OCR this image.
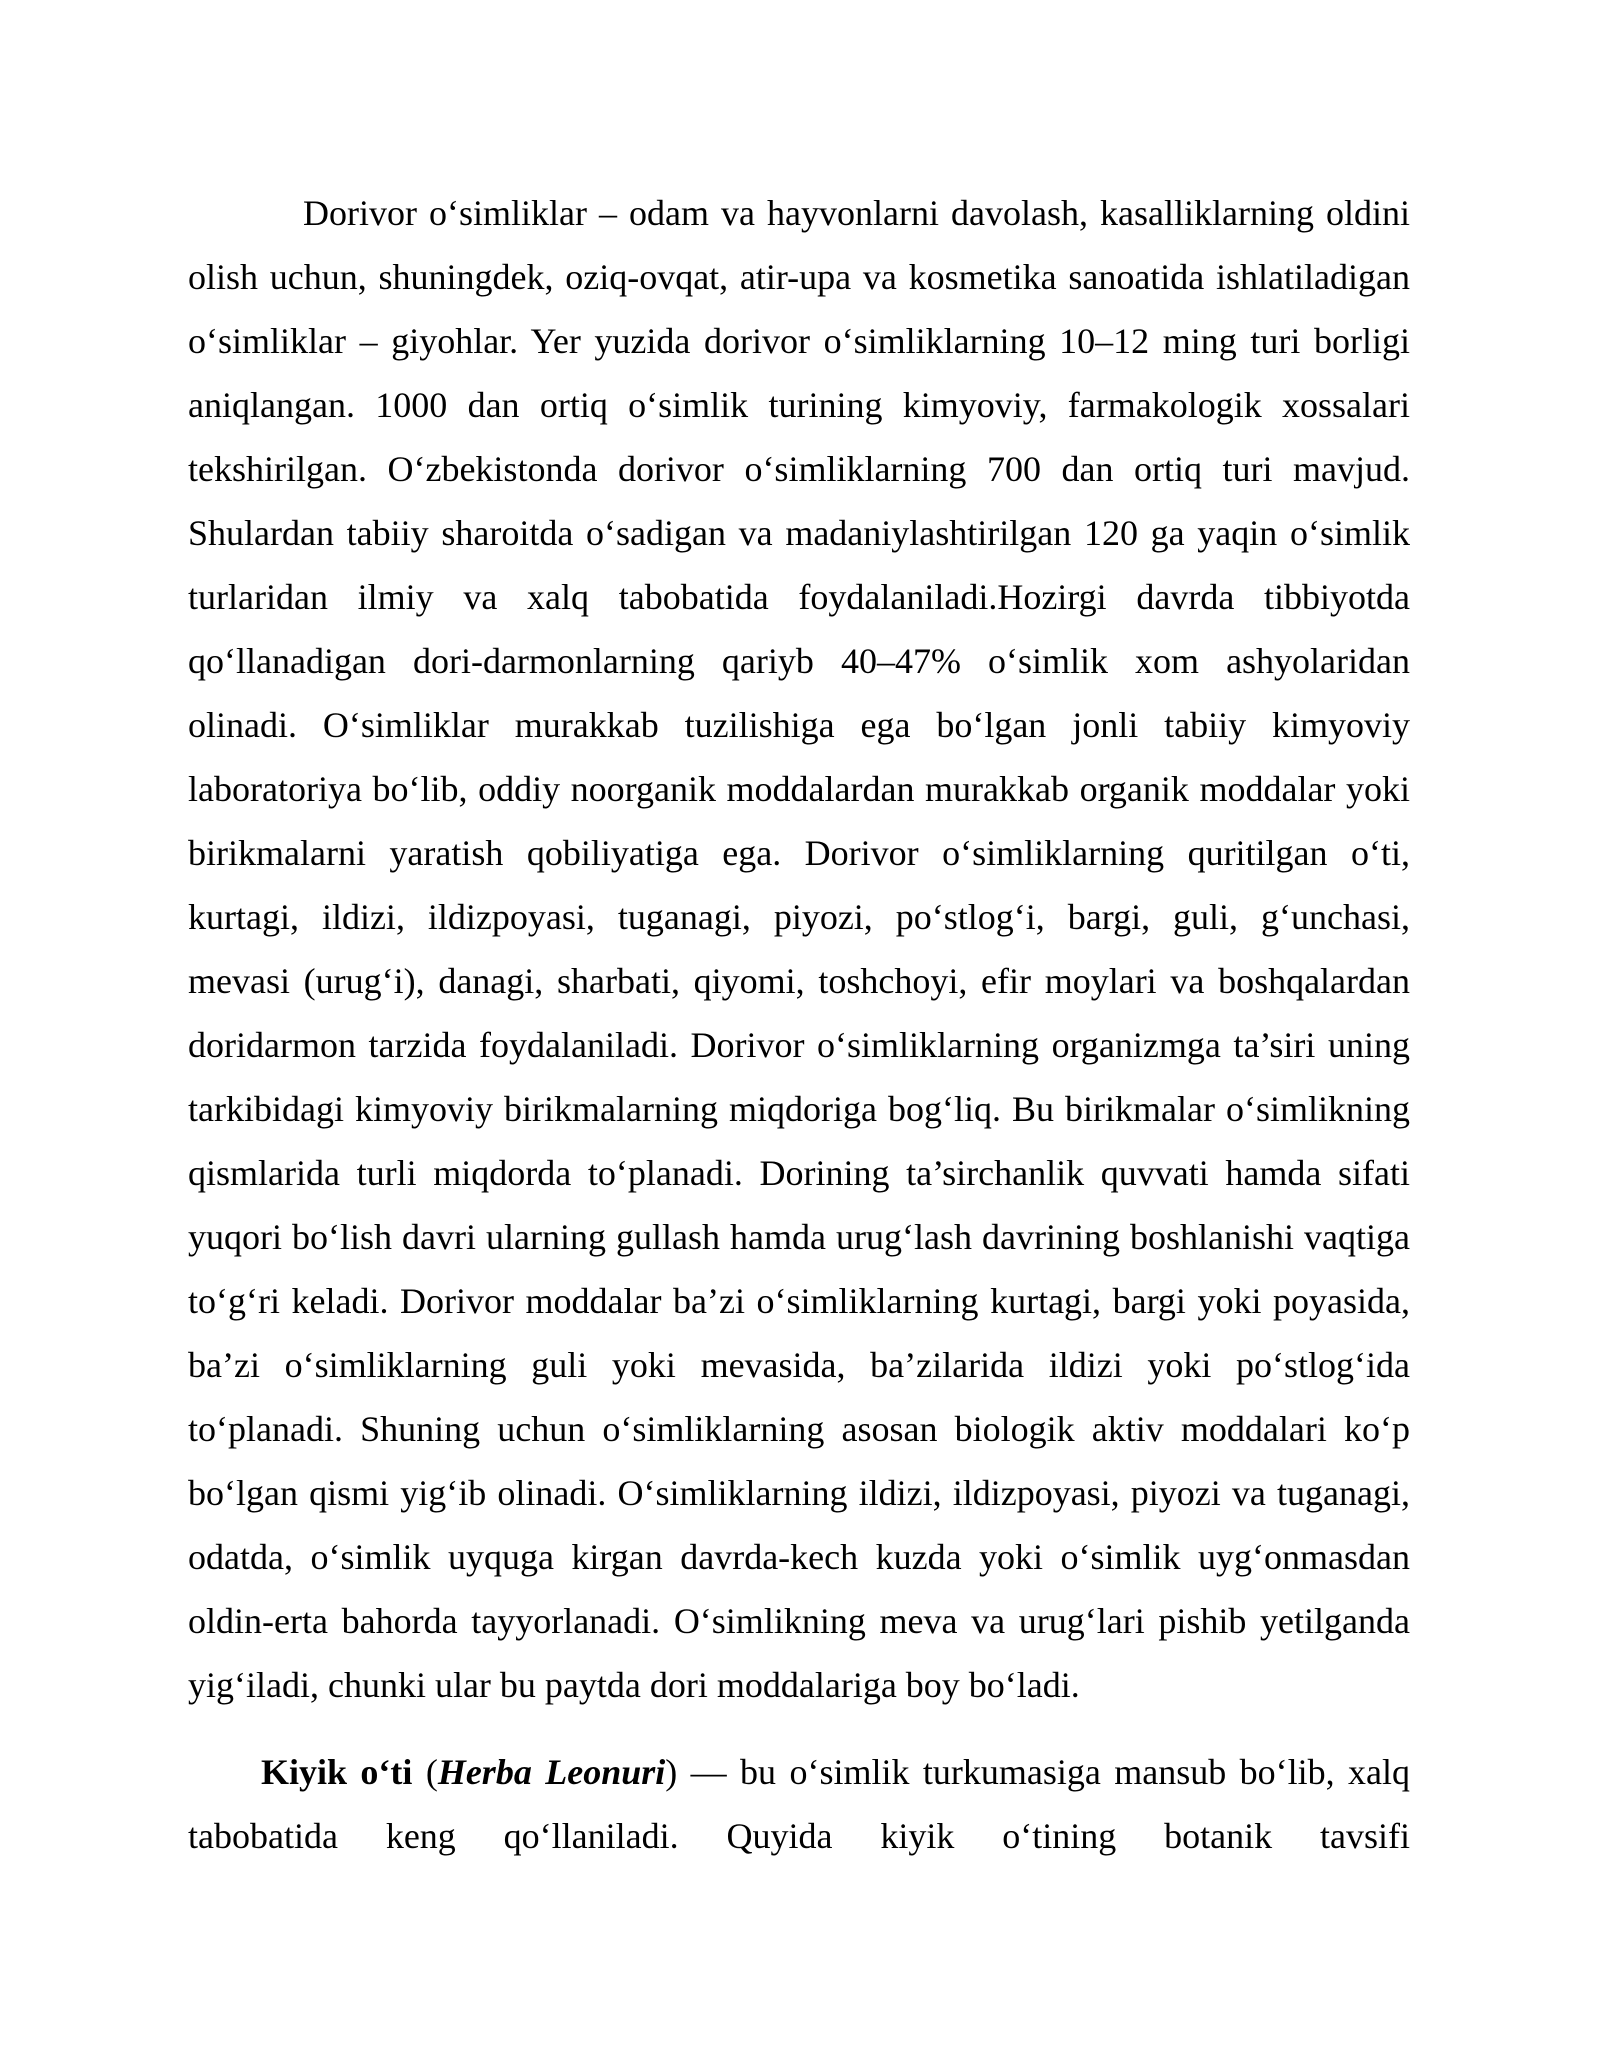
Dorivor o‘simliklar – odam va hayvonlarni davolash, kasalliklarning oldini
olish uchun, shuningdek, oziq-ovqat, atir-upa va kosmetika sanoatida ishlatiladigan
o‘simliklar – giyohlar. Yer yuzida dorivor o‘simliklarning 10–12 ming turi borligi
aniqlangan. 1000 dan ortiq o‘simlik turining kimyoviy, farmakologik xossalari
tekshirilgan. O‘zbekistonda dorivor o‘simliklarning 700 dan ortiq turi mavjud.
Shulardan tabiiy sharoitda o‘sadigan va madaniylashtirilgan 120 ga yaqin o‘simlik
turlaridan ilmiy va xalq tabobatida foydalaniladi.Hozirgi davrda tibbiyotda
qo‘llanadigan dori-darmonlarning qariyb 40–47% o‘simlik xom ashyolaridan
olinadi. O‘simliklar murakkab tuzilishiga ega bo‘lgan jonli tabiiy kimyoviy
laboratoriya bo‘lib, oddiy noorganik moddalardan murakkab organik moddalar yoki
birikmalarni yaratish qobiliyatiga ega. Dorivor o‘simliklarning quritilgan o‘ti,
kurtagi, ildizi, ildizpoyasi, tuganagi, piyozi, po‘stlog‘i, bargi, guli, g‘unchasi,
mevasi (urug‘i), danagi, sharbati, qiyomi, toshchoyi, efir moylari va boshqalardan
doridarmon tarzida foydalaniladi. Dorivor o‘simliklarning organizmga ta’siri uning
tarkibidagi kimyoviy birikmalarning miqdoriga bog‘liq. Bu birikmalar o‘simlikning
qismlarida turli miqdorda to‘planadi. Dorining ta’sirchanlik quvvati hamda sifati
yuqori bo‘lish davri ularning gullash hamda urug‘lash davrining boshlanishi vaqtiga
to‘g‘ri keladi. Dorivor moddalar ba’zi o‘simliklarning kurtagi, bargi yoki poyasida,
ba’zi o‘simliklarning guli yoki mevasida, ba’zilarida ildizi yoki po‘stlog‘ida
to‘planadi. Shuning uchun o‘simliklarning asosan biologik aktiv moddalari ko‘p
bo‘lgan qismi yig‘ib olinadi. O‘simliklarning ildizi, ildizpoyasi, piyozi va tuganagi,
odatda, o‘simlik uyquga kirgan davrda-kech kuzda yoki o‘simlik uyg‘onmasdan
oldin-erta bahorda tayyorlanadi. O‘simlikning meva va urug‘lari pishib yetilganda
yig‘iladi, chunki ular bu paytda dori moddalariga boy bo‘ladi.
Kiyik o‘ti (Herba Leonuri) — bu o‘simlik turkumasiga mansub bo‘lib, xalq
tabobatida keng qo‘llaniladi. Quyida kiyik o‘tining botanik tavsifi
